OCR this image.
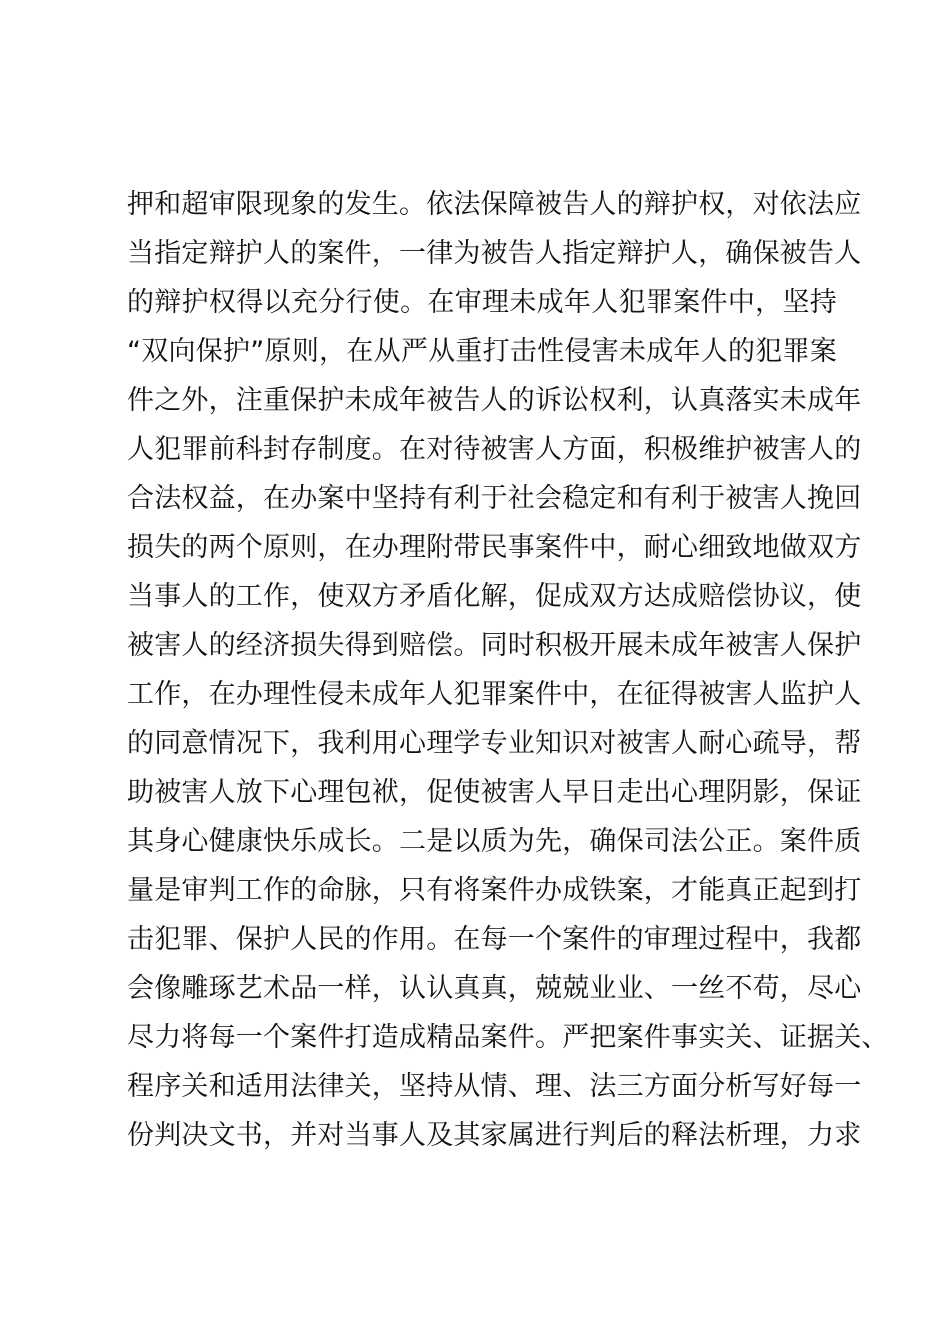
押和超审限现象的发生。依法保障被告人的辩护权，对依法应
当指定辩护人的案件，一律为被告人指定辩护人，确保被告人
的辩护权得以充分行使。在审理未成年人犯罪案件中，坚持
“双向保护”原则，在从严从重打击性侵害未成年人的犯罪案
件之外，注重保护未成年被告人的诉讼权利，认真落实未成年
人犯罪前科封存制度。在对待被害人方面，积极维护被害人的
合法权益，在办案中坚持有利于社会稳定和有利于被害人挽回
损失的两个原则，在办理附带民事案件中，耐心细致地做双方
当事人的工作，使双方矛盾化解，促成双方达成赔偿协议，使
被害人的经济损失得到赔偿。同时积极开展未成年被害人保护
工作，在办理性侵未成年人犯罪案件中，在征得被害人监护人
的同意情况下，我利用心理学专业知识对被害人耐心疏导，帮
助被害人放下心理包袱，促使被害人早日走出心理阴影，保证
其身心健康快乐成长。二是以质为先，确保司法公正。案件质
量是审判工作的命脉，只有将案件办成铁案，才能真正起到打
击犯罪、保护人民的作用。在每一个案件的审理过程中，我都
会像雕琢艺术品一样，认认真真，兢兢业业、一丝不苟，尽心
尽力将每一个案件打造成精品案件。严把案件事实关、证据关、
程序关和适用法律关，坚持从情、理、法三方面分析写好每一
份判决文书，并对当事人及其家属进行判后的释法析理，力求
